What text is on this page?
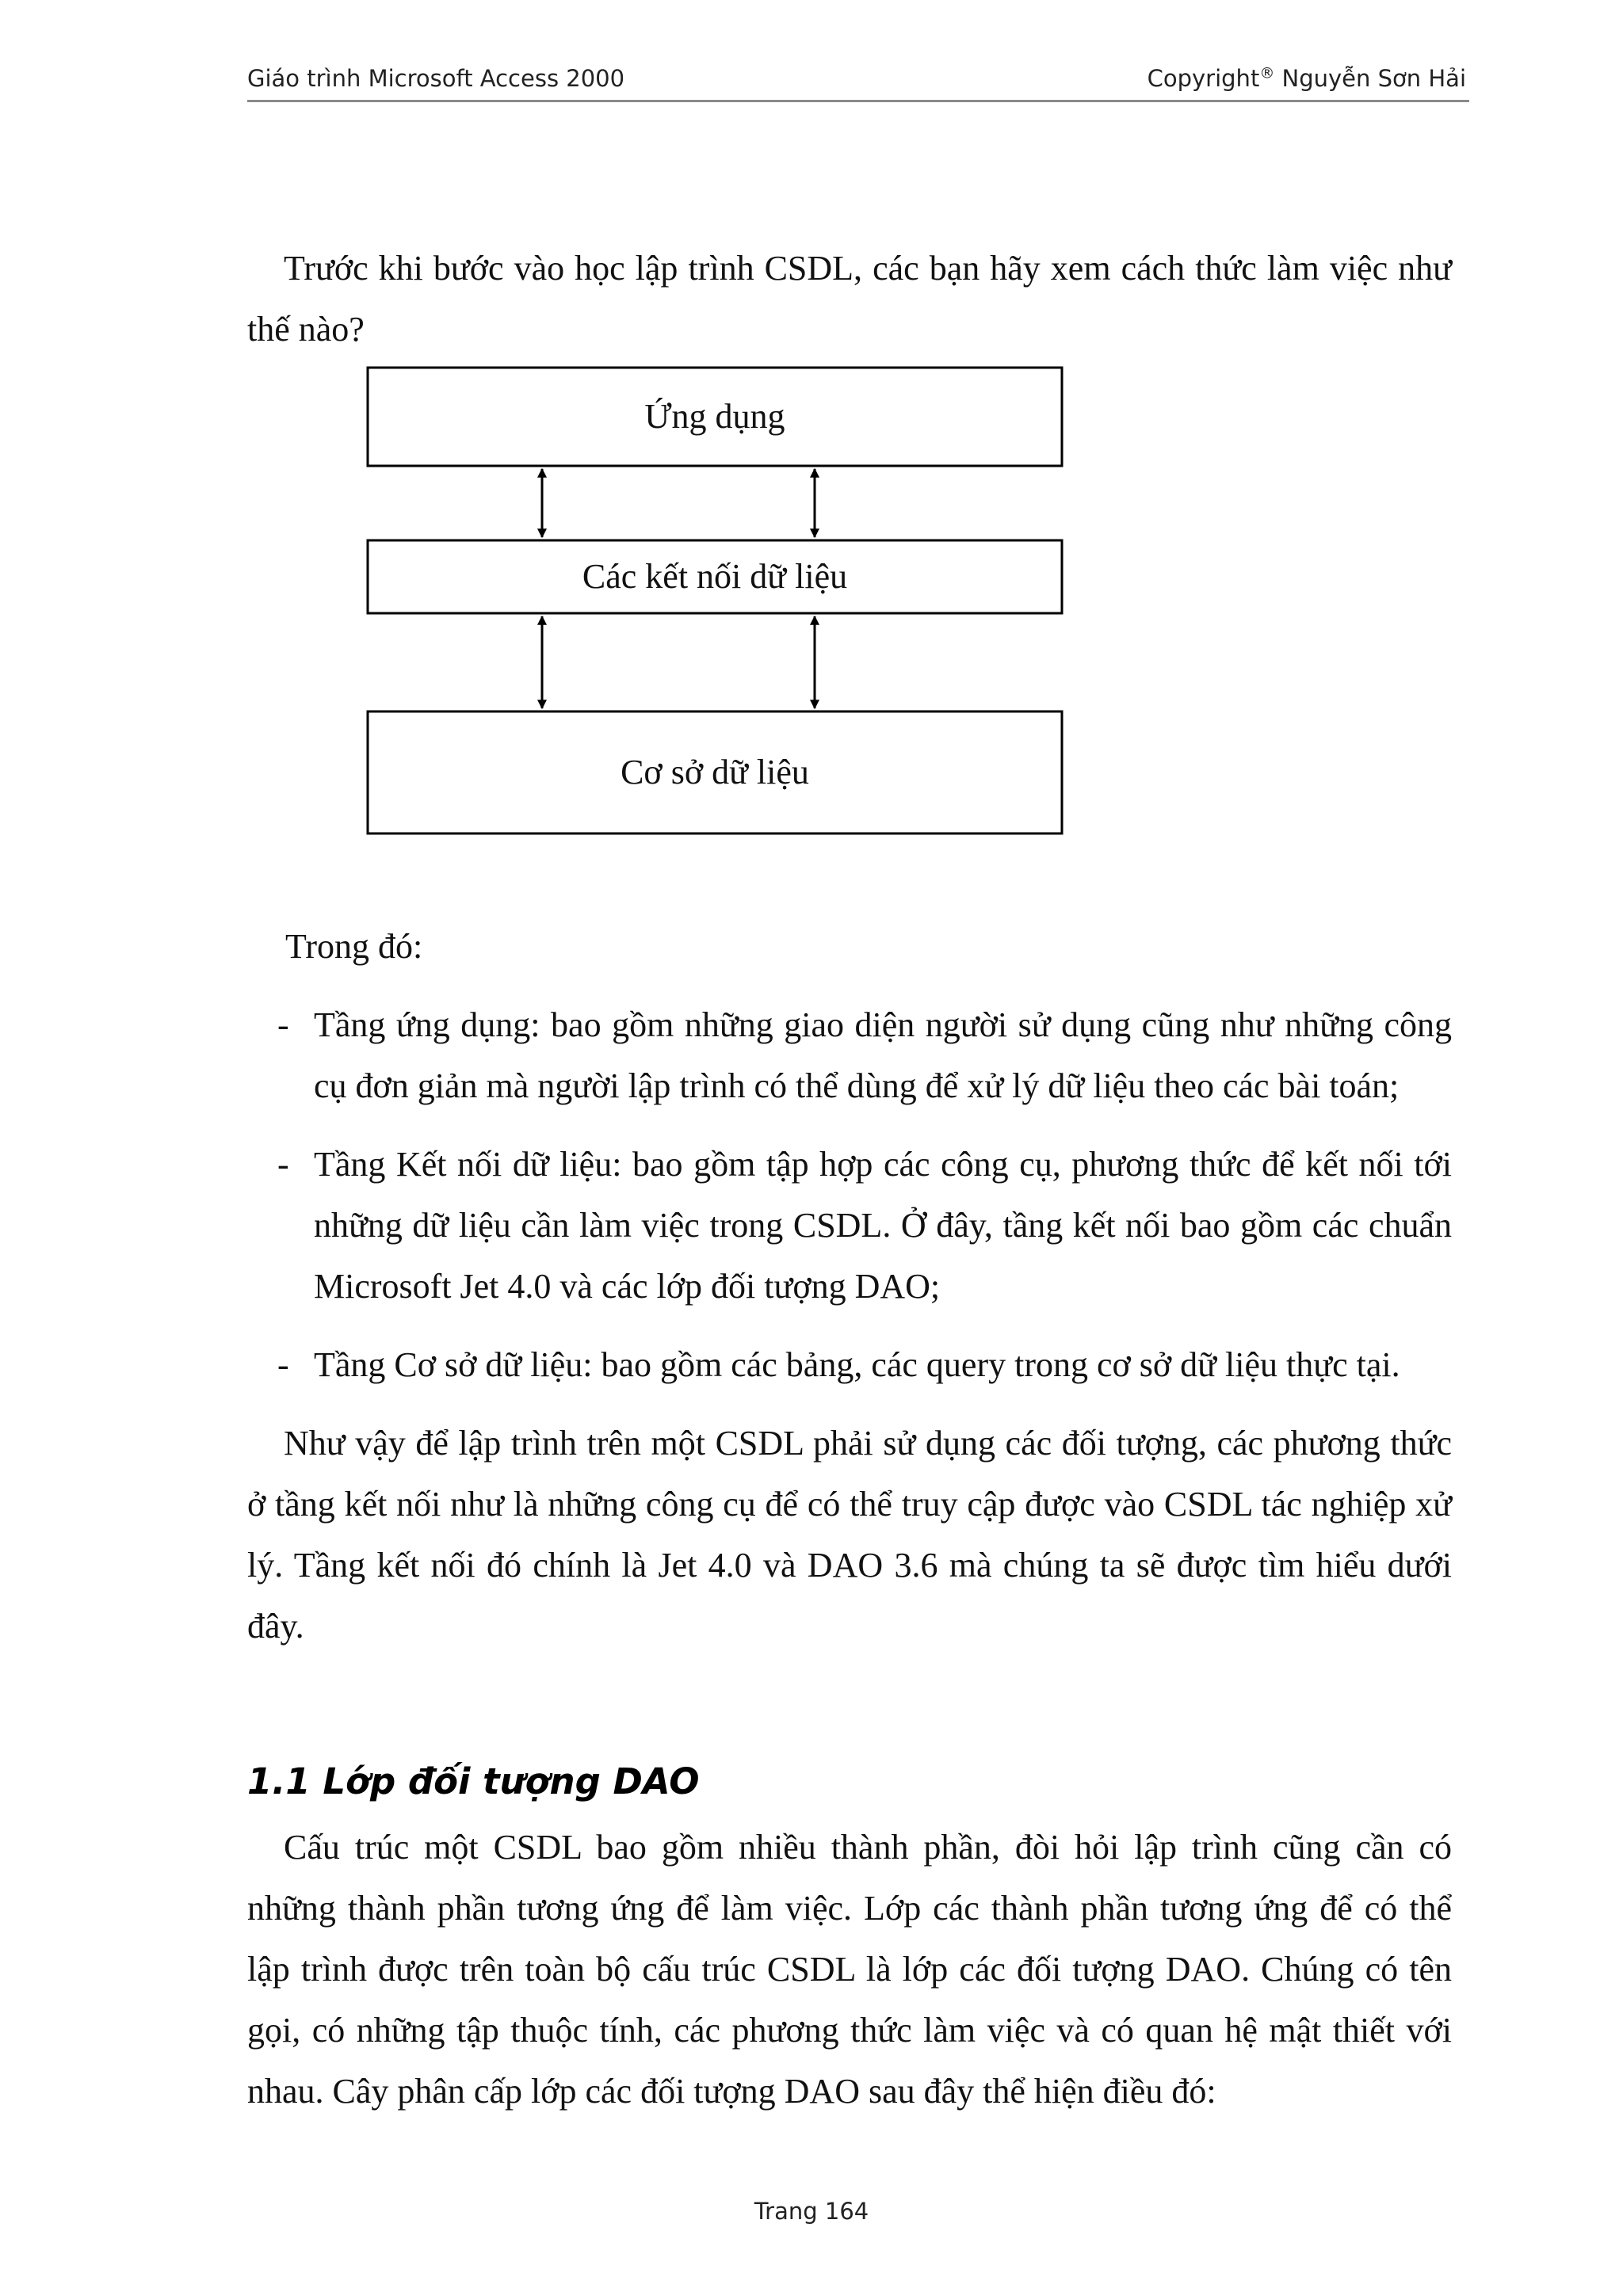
Giáo trình Microsoft Access 2000	Copyright® Nguyễn Sơn Hải

Trước khi bước vào học lập trình CSDL, các bạn hãy xem cách thức làm việc như thế nào?

Ứng dụng
Các kết nối dữ liệu
Cơ sở dữ liệu

Trong đó:

- Tầng ứng dụng: bao gồm những giao diện người sử dụng cũng như những công cụ đơn giản mà người lập trình có thể dùng để xử lý dữ liệu theo các bài toán;
- Tầng Kết nối dữ liệu: bao gồm tập hợp các công cụ, phương thức để kết nối tới những dữ liệu cần làm việc trong CSDL. Ở đây, tầng kết nối bao gồm các chuẩn Microsoft Jet 4.0 và các lớp đối tượng DAO;
- Tầng Cơ sở dữ liệu: bao gồm các bảng, các query trong cơ sở dữ liệu thực tại.

Như vậy để lập trình trên một CSDL phải sử dụng các đối tượng, các phương thức ở tầng kết nối như là những công cụ để có thể truy cập được vào CSDL tác nghiệp xử lý. Tầng kết nối đó chính là Jet 4.0 và DAO 3.6 mà chúng ta sẽ được tìm hiểu dưới đây.

1.1 Lớp đối tượng DAO

Cấu trúc một CSDL bao gồm nhiều thành phần, đòi hỏi lập trình cũng cần có những thành phần tương ứng để làm việc. Lớp các thành phần tương ứng để có thể lập trình được trên toàn bộ cấu trúc CSDL là lớp các đối tượng DAO. Chúng có tên gọi, có những tập thuộc tính, các phương thức làm việc và có quan hệ mật thiết với nhau. Cây phân cấp lớp các đối tượng DAO sau đây thể hiện điều đó:

Trang 164
